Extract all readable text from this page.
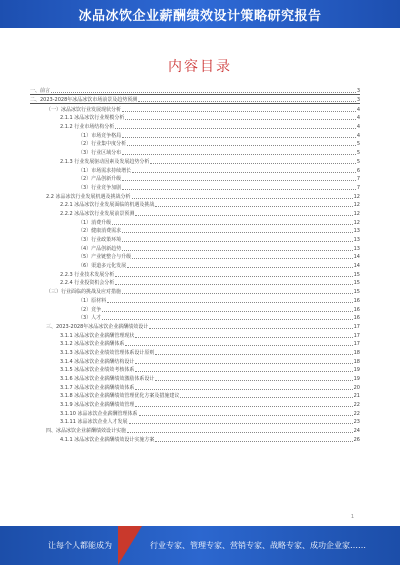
冰品冰饮企业薪酬绩效设计策略研究报告
内容目录
一、前言	3
二、2023-2028年冰品冰饮市场前景及趋势预测	3
（一）冰品冰饮行业发展现状分析	4
2.1.1 冰品冰饮行业规模分析	4
2.1.2 行业市场结构分析	4
（1）市场竞争格局	4
（2）行业集中度分析	5
（3）行业区域分布	5
2.1.3 行业发展驱动因素及发展趋势分析	5
（1）市场需求持续增长	6
（2）产品创新升级	7
（3）行业竞争加剧	7
2.2 冰品冰饮行业发展机遇及挑战分析	12
2.2.1 冰品冰饮行业发展面临的机遇及挑战	12
2.2.2 冰品冰饮行业发展前景预测	12
（1）消费升级	12
（2）健康消费需求	13
（3）行业政策环境	13
（4）产品创新趋势	13
（5）产业链整合与升级	14
（6）渠道多元化发展	14
2.2.3 行业技术发展分析	15
2.2.4 行业投资机会分析	15
（三）行业面临的挑战及应对措施	15
（1）原材料	16
（2）竞争	16
（3）人才	16
三、2023-2028年冰品冰饮企业薪酬绩效设计	17
3.1.1 冰品冰饮企业薪酬管理现状	17
3.1.2 冰品冰饮企业薪酬体系	17
3.1.3 冰品冰饮企业绩效管理体系设计原则	18
3.1.4 冰品冰饮企业薪酬结构设计	18
3.1.5 冰品冰饮企业绩效考核体系	19
3.1.6 冰品冰饮企业薪酬绩效激励体系设计	19
3.1.7 冰品冰饮企业薪酬绩效体系	20
3.1.8 冰品冰饮企业薪酬绩效管理优化方案及措施建议	21
3.1.9 冰品冰饮企业薪酬绩效管理	22
3.1.10 冰品冰饮企业薪酬管理体系	22
3.1.11 冰品冰饮企业人才发展	23
四、冰品冰饮企业薪酬绩效设计实施	24
4.1.1 冰品冰饮企业薪酬绩效设计实施方案	26
1
让每个人都能成为	行业专家、管理专家、营销专家、战略专家、成功企业家……
